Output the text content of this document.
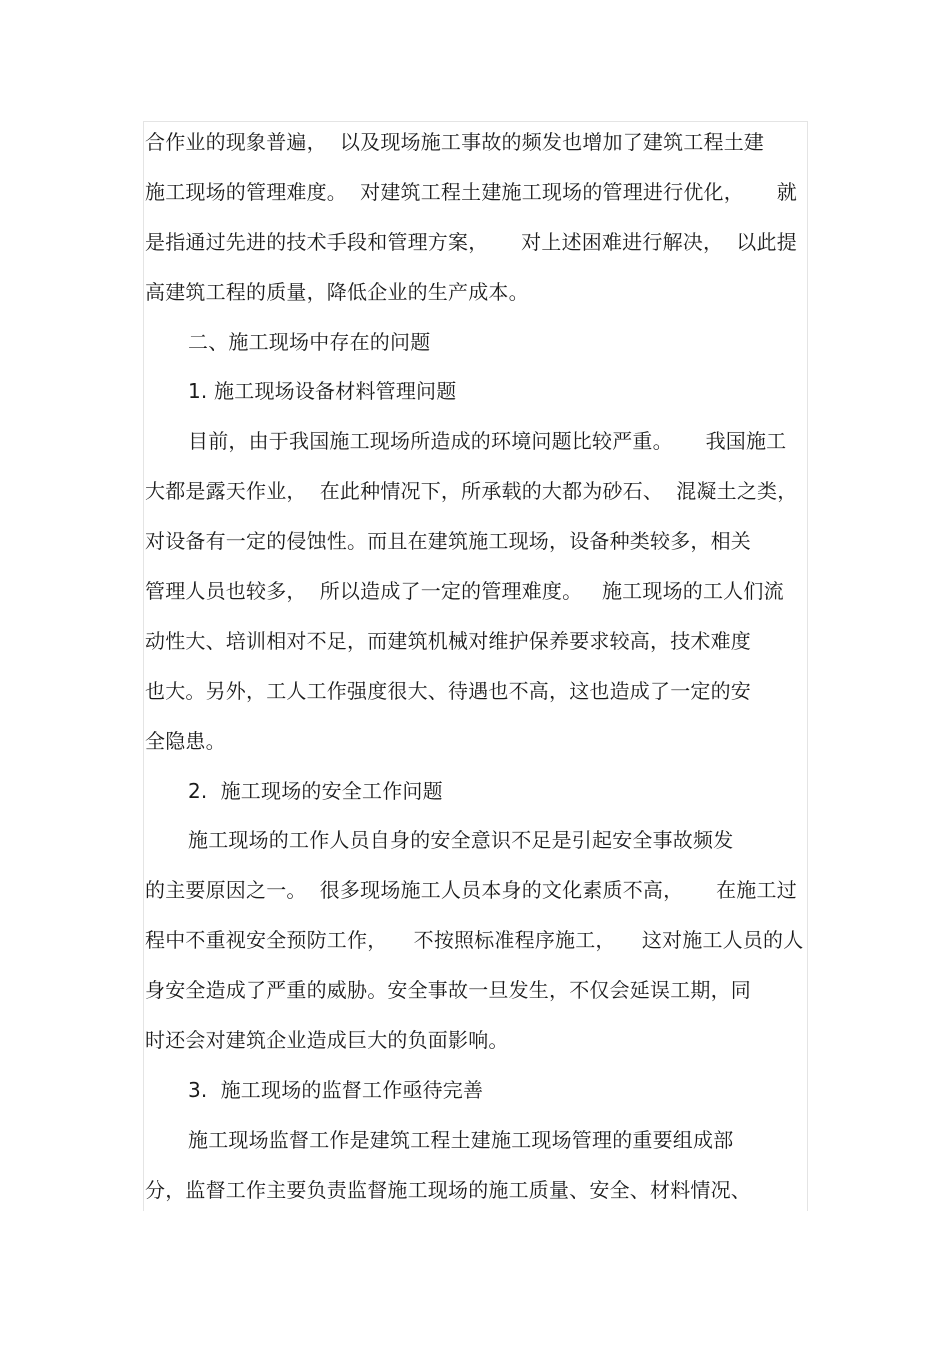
合作业的现象普遍，  以及现场施工事故的频发也增加了建筑工程土建
施工现场的管理难度。  对建筑工程土建施工现场的管理进行优化，     就
是指通过先进的技术手段和管理方案，     对上述困难进行解决，  以此提
高建筑工程的质量，降低企业的生产成本。
二、施工现场中存在的问题
1. 施工现场设备材料管理问题
目前，由于我国施工现场所造成的环境问题比较严重。     我国施工
大都是露天作业，  在此种情况下，所承载的大都为砂石、  混凝土之类，
对设备有一定的侵蚀性。而且在建筑施工现场，设备种类较多，相关
管理人员也较多，  所以造成了一定的管理难度。   施工现场的工人们流
动性大、培训相对不足，而建筑机械对维护保养要求较高，技术难度
也大。另外，工人工作强度很大、待遇也不高，这也造成了一定的安
全隐患。
2.  施工现场的安全工作问题
施工现场的工作人员自身的安全意识不足是引起安全事故频发
的主要原因之一。  很多现场施工人员本身的文化素质不高，     在施工过
程中不重视安全预防工作，    不按照标准程序施工，    这对施工人员的人
身安全造成了严重的威胁。安全事故一旦发生，不仅会延误工期，同
时还会对建筑企业造成巨大的负面影响。
3.  施工现场的监督工作亟待完善
施工现场监督工作是建筑工程土建施工现场管理的重要组成部
分，监督工作主要负责监督施工现场的施工质量、安全、材料情况、
